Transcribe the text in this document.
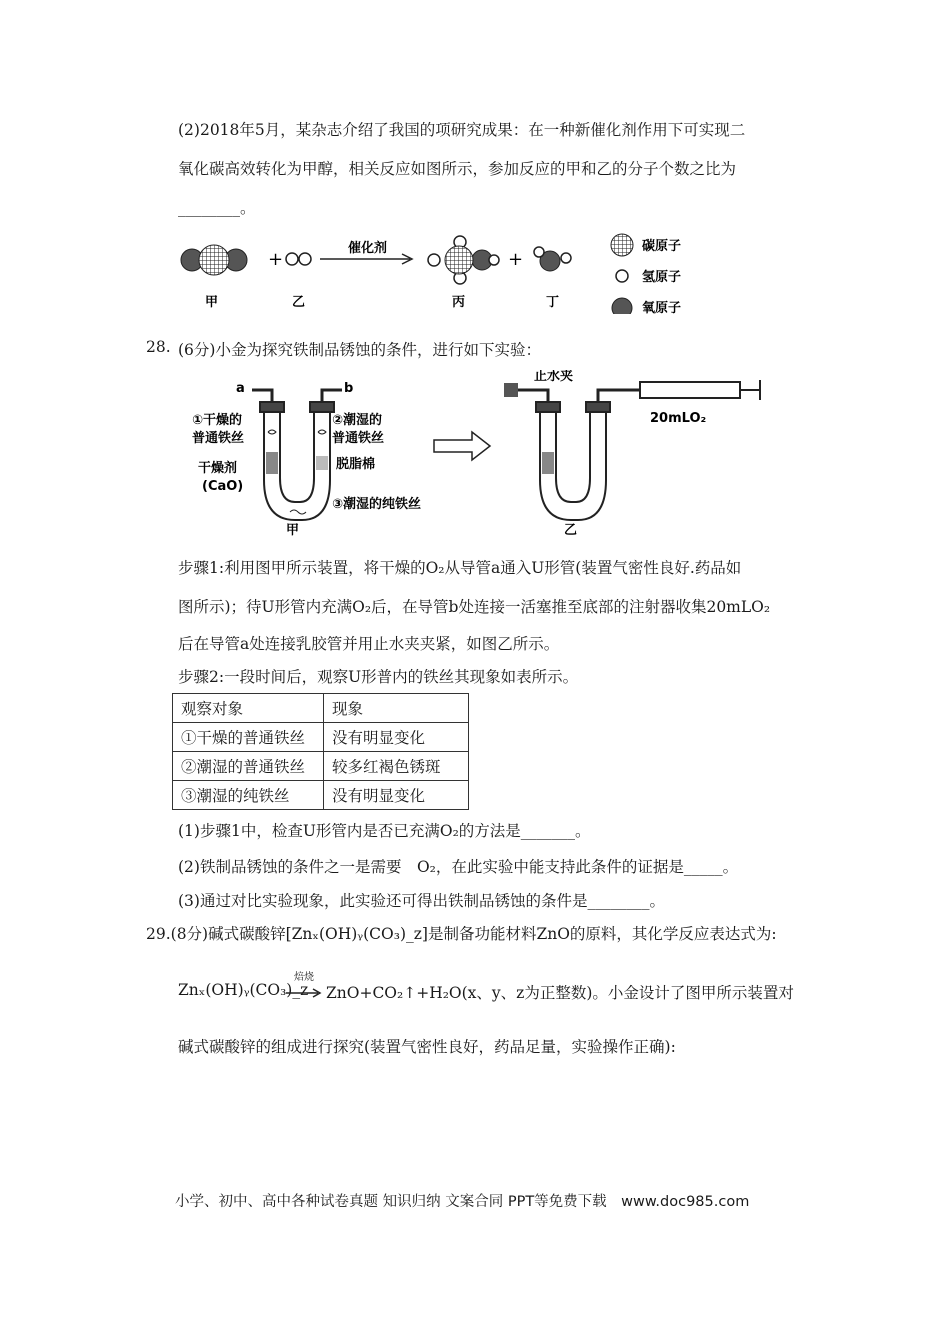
(2)2018年5月，某杂志介绍了我国的项研究成果：在一种新催化剂作用下可实现二
氧化碳高效转化为甲醇，相关反应如图所示，参加反应的甲和乙的分子个数之比为
________。
+
催化剂
+
甲	乙	丙	丁
碳原子
氢原子
氧原子
28. (6分)小金为探究铁制品锈蚀的条件，进行如下实验：
a	b
①干燥的
普通铁丝
②潮湿的
普通铁丝
干燥剂
(CaO)
脱脂棉
③潮湿的纯铁丝
甲
止水夹
20mLO₂
乙
步骤1:利用图甲所示装置，将干燥的O₂从导管a通入U形管(装置气密性良好.药品如
图所示)；待U形管内充满O₂后，在导管b处连接一活塞推至底部的注射器收集20mLO₂
后在导管a处连接乳胶管并用止水夹夹紧，如图乙所示。
步骤2:一段时间后，观察U形普内的铁丝其现象如表所示。
观察对象	现象
①干燥的普通铁丝	没有明显变化
②潮湿的普通铁丝	较多红褐色锈斑
③潮湿的纯铁丝	没有明显变化
(1)步骤1中，检查U形管内是否已充满O₂的方法是_______。
(2)铁制品锈蚀的条件之一是需要　O₂，在此实验中能支持此条件的证据是_____。
(3)通过对比实验现象，此实验还可得出铁制品锈蚀的条件是________。
29.(8分)碱式碳酸锌[Znₓ(OH)ᵧ(CO₃)_z]是制备功能材料ZnO的原料，其化学反应表达式为:
Znₓ(OH)ᵧ(CO₃)_z
焙烧
ZnO+CO₂↑+H₂O(x、y、z为正整数)。小金设计了图甲所示装置对
碱式碳酸锌的组成进行探究(装置气密性良好，药品足量，实验操作正确):
小学、初中、高中各种试卷真题 知识归纳 文案合同 PPT等免费下载　www.doc985.com
